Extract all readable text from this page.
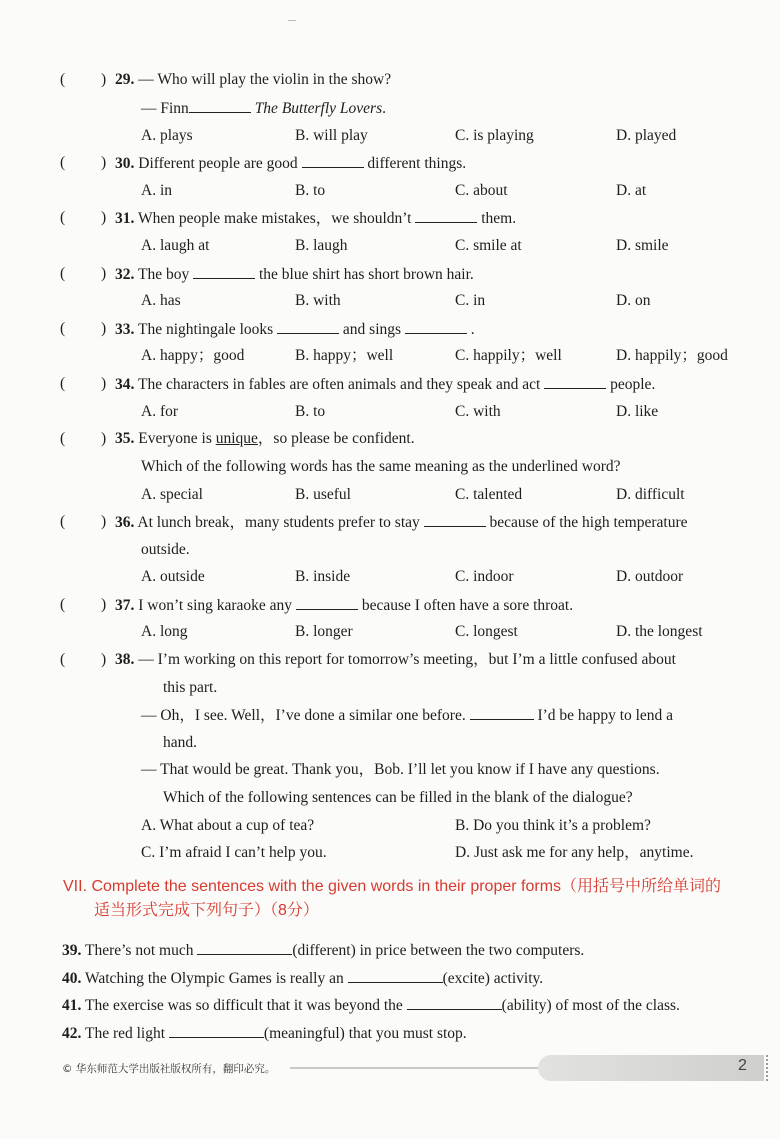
( ) 29. — Who will play the violin in the show?
— Finn	The Butterfly Lovers.
A. plays	B. will play	C. is playing	D. played
( ) 30. Different people are good	different things.
A. in	B. to	C. about	D. at
( ) 31. When people make mistakes，we shouldn’t	them.
A. laugh at	B. laugh	C. smile at	D. smile
( ) 32. The boy	the blue shirt has short brown hair.
A. has	B. with	C. in	D. on
( ) 33. The nightingale looks	and sings	.
A. happy；good	B. happy；well	C. happily；well	D. happily；good
( ) 34. The characters in fables are often animals and they speak and act	people.
A. for	B. to	C. with	D. like
( ) 35. Everyone is unique，so please be confident.
Which of the following words has the same meaning as the underlined word?
A. special	B. useful	C. talented	D. difficult
( ) 36. At lunch break，many students prefer to stay	because of the high temperature
outside.
A. outside	B. inside	C. indoor	D. outdoor
( ) 37. I won’t sing karaoke any	because I often have a sore throat.
A. long	B. longer	C. longest	D. the longest
( ) 38. — I’m working on this report for tomorrow’s meeting，but I’m a little confused about
this part.
— Oh，I see. Well，I’ve done a similar one before.	I’d be happy to lend a
hand.
— That would be great. Thank you，Bob. I’ll let you know if I have any questions.
Which of the following sentences can be filled in the blank of the dialogue?
A. What about a cup of tea?	B. Do you think it’s a problem?
C. I’m afraid I can’t help you.	D. Just ask me for any help，anytime.
VII. Complete the sentences with the given words in their proper forms（用括号中所给单词的
适当形式完成下列句子）（8分）
39. There’s not much	(different) in price between the two computers.
40. Watching the Olympic Games is really an	(excite) activity.
41. The exercise was so difficult that it was beyond the	(ability) of most of the class.
42. The red light	(meaningful) that you must stop.
© 华东师范大学出版社版权所有，翻印必究。	2
